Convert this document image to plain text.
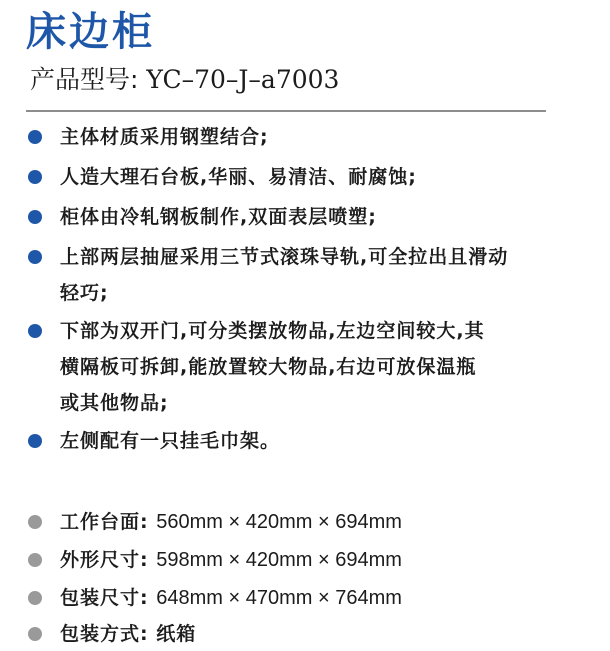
床边柜
产品型号: YC–70–J–a7003
主体材质采用钢塑结合;
人造大理石台板,华丽、易清洁、耐腐蚀;
柜体由冷轧钢板制作,双面表层喷塑;
上部两层抽屉采用三节式滚珠导轨,可全拉出且滑动
轻巧;
下部为双开门,可分类摆放物品,左边空间较大,其
横隔板可拆卸,能放置较大物品,右边可放保温瓶
或其他物品;
左侧配有一只挂毛巾架。
工作台面: 560mm × 420mm × 694mm
外形尺寸: 598mm × 420mm × 694mm
包装尺寸: 648mm × 470mm × 764mm
包装方式: 纸箱
